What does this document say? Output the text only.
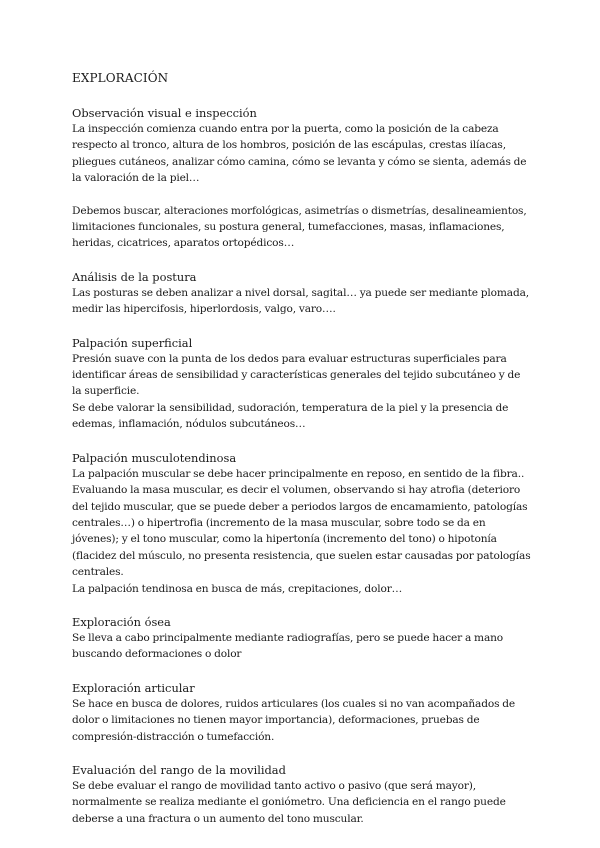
EXPLORACIÓN
Observación visual e inspección

La inspección comienza cuando entra por la puerta, como la posición de la cabeza respecto al tronco, altura de los hombros, posición de las escápulas, crestas ilíacas, pliegues cutáneos, analizar cómo camina, cómo se levanta y cómo se sienta, además de la valoración de la piel…

Debemos buscar, alteraciones morfológicas, asimetrías o dismetrías, desalineamientos, limitaciones funcionales, su postura general, tumefacciones, masas, inflamaciones, heridas, cicatrices, aparatos ortopédicos…

Análisis de la postura

Las posturas se deben analizar a nivel dorsal, sagital… ya puede ser mediante plomada, medir las hipercifosis, hiperlordosis, valgo, varo….

Palpación superficial

Presión suave con la punta de los dedos para evaluar estructuras superficiales para identificar áreas de sensibilidad y características generales del tejido subcutáneo y de la superficie.

Se debe valorar la sensibilidad, sudoración, temperatura de la piel y la presencia de edemas, inflamación, nódulos subcutáneos…

Palpación musculotendinosa

La palpación muscular se debe hacer principalmente en reposo, en sentido de la fibra.. Evaluando la masa muscular, es decir el volumen, observando si hay atrofia (deterioro del tejido muscular, que se puede deber a periodos largos de encamamiento, patologías centrales…) o hipertrofia (incremento de la masa muscular, sobre todo se da en jóvenes); y el tono muscular, como la hipertonía (incremento del tono) o hipotonía (flacidez del músculo, no presenta resistencia, que suelen estar causadas por patologías centrales.

La palpación tendinosa en busca de más, crepitaciones, dolor…

Exploración ósea

Se lleva a cabo principalmente mediante radiografías, pero se puede hacer a mano buscando deformaciones o dolor

Exploración articular

Se hace en busca de dolores, ruidos articulares (los cuales si no van acompañados de dolor o limitaciones no tienen mayor importancia), deformaciones, pruebas de compresión-distracción o tumefacción.

Evaluación del rango de la movilidad

Se debe evaluar el rango de movilidad tanto activo o pasivo (que será mayor), normalmente se realiza mediante el goniómetro. Una deficiencia en el rango puede deberse a una fractura o un aumento del tono muscular.
